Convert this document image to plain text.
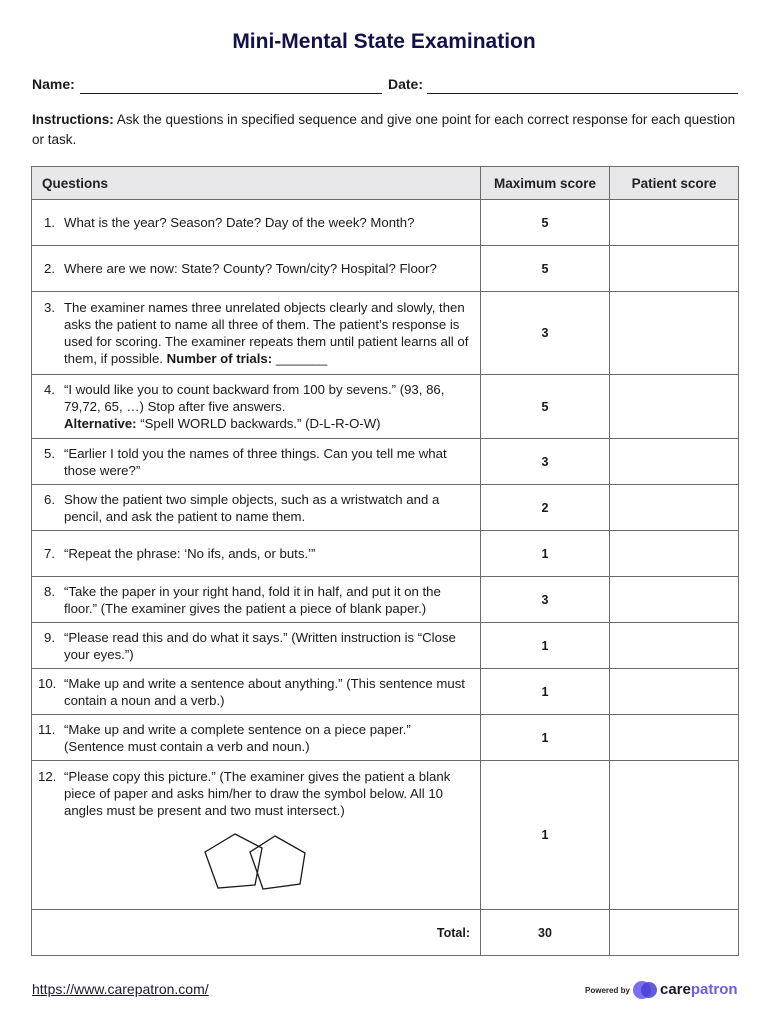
Mini-Mental State Examination
Name:	Date:
Instructions: Ask the questions in specified sequence and give one point for each correct response for each question or task.
Questions	Maximum score	Patient score

1. What is the year? Season? Date? Day of the week? Month?	5	

2. Where are we now: State? County? Town/city? Hospital? Floor?	5	

3. The examiner names three unrelated objects clearly and slowly, then asks the patient to name all three of them. The patient’s response is used for scoring. The examiner repeats them until patient learns all of them, if possible. Number of trials: _______	3	

4. “I would like you to count backward from 100 by sevens.” (93, 86, 79,72, 65, …) Stop after five answers.
Alternative: “Spell WORLD backwards.” (D-L-R-O-W)	5	

5. “Earlier I told you the names of three things. Can you tell me what those were?”	3	

6. Show the patient two simple objects, such as a wristwatch and a pencil, and ask the patient to name them.	2	

7. “Repeat the phrase: ‘No ifs, ands, or buts.’”	1	

8. “Take the paper in your right hand, fold it in half, and put it on the floor.” (The examiner gives the patient a piece of blank paper.)	3	

9. “Please read this and do what it says.” (Written instruction is “Close your eyes.”)	1	

10. “Make up and write a sentence about anything.” (This sentence must contain a noun and a verb.)	1	

11. “Make up and write a complete sentence on a piece paper.” (Sentence must contain a verb and noun.)	1	

12. “Please copy this picture.” (The examiner gives the patient a blank piece of paper and asks him/her to draw the symbol below. All 10 angles must be present and two must intersect.)	1	
Total:	30	
https://www.carepatron.com/	Powered by carepatron
